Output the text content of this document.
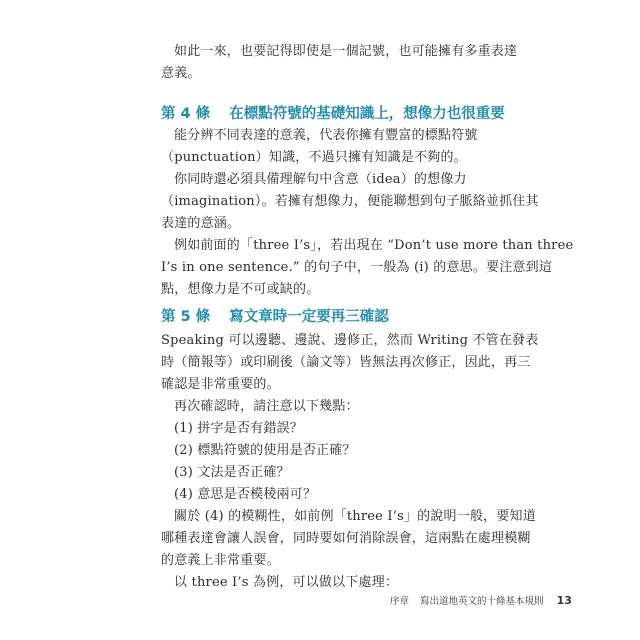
如此一來，也要記得即使是一個記號，也可能擁有多重表達
意義。
第 4 條 在標點符號的基礎知識上，想像力也很重要
能分辨不同表達的意義，代表你擁有豐富的標點符號
（punctuation）知識，不過只擁有知識是不夠的。
你同時還必須具備理解句中含意（idea）的想像力
（imagination）。若擁有想像力，便能聯想到句子脈絡並抓住其
表達的意涵。
例如前面的「three I’s」，若出現在 “Don’t use more than three
I’s in one sentence.” 的句子中，一般為 (i) 的意思。要注意到這
點，想像力是不可或缺的。
第 5 條 寫文章時一定要再三確認
Speaking 可以邊聽、邊說、邊修正，然而 Writing 不管在發表
時（簡報等）或印刷後（論文等）皆無法再次修正，因此，再三
確認是非常重要的。
再次確認時，請注意以下幾點：
(1) 拼字是否有錯誤？
(2) 標點符號的使用是否正確？
(3) 文法是否正確？
(4) 意思是否模稜兩可？
關於 (4) 的模糊性，如前例「three I’s」的說明一般，要知道
哪種表達會讓人誤會，同時要如何消除誤會，這兩點在處理模糊
的意義上非常重要。
以 three I’s 為例，可以做以下處理：
序章 寫出道地英文的十條基本規則 13
